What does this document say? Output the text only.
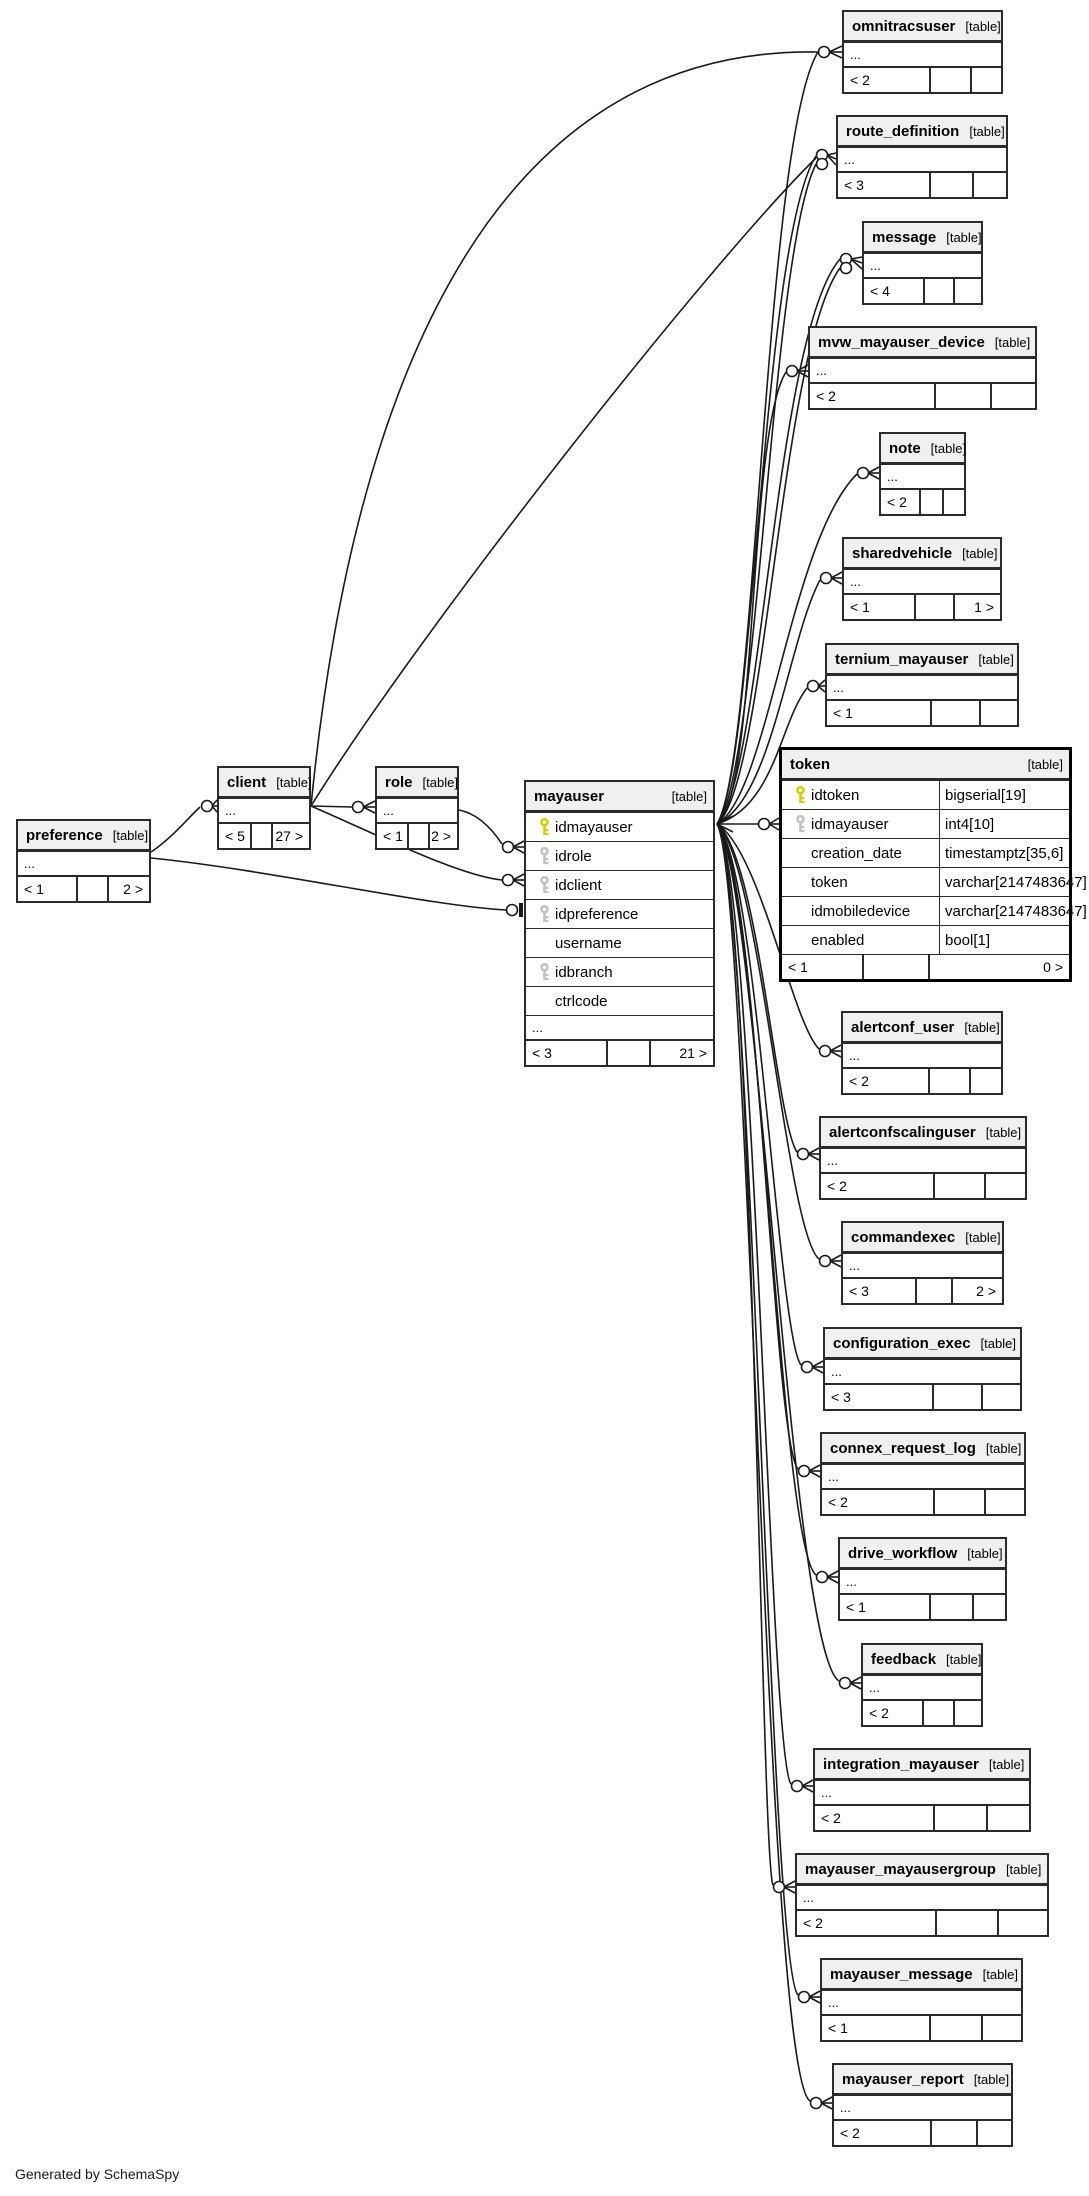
omnitracsuser [table]
...
< 2
route_definition [table]
...
< 3
message [table]
...
< 4
mvw_mayauser_device [table]
...
< 2
note [table]
...
< 2
sharedvehicle [table]
...
< 1	1 >
ternium_mayauser [table]
...
< 1
token	[table]
idtoken	bigserial[19]
idmayauser	int4[10]
creation_date	timestamptz[35,6]
token	varchar[2147483647]
idmobiledevice	varchar[2147483647]
enabled	bool[1]
< 1	0 >
mayauser	[table]
idmayauser
idrole
idclient
idpreference
username
idbranch
ctrlcode
...
< 3	21 >
preference [table]
...
< 1	2 >
client [table]
...
< 5	27 >
role [table]
...
< 1 2 >
alertconf_user [table]
...
< 2
alertconfscalinguser [table]
...
< 2
commandexec [table]
...
< 3	2 >
configuration_exec [table]
...
< 3
connex_request_log [table]
...
< 2
drive_workflow [table]
...
< 1
feedback [table]
...
< 2
integration_mayauser [table]
...
< 2
mayauser_mayausergroup [table]
...
< 2
mayauser_message [table]
...
< 1
mayauser_report [table]
...
< 2
Generated by SchemaSpy
